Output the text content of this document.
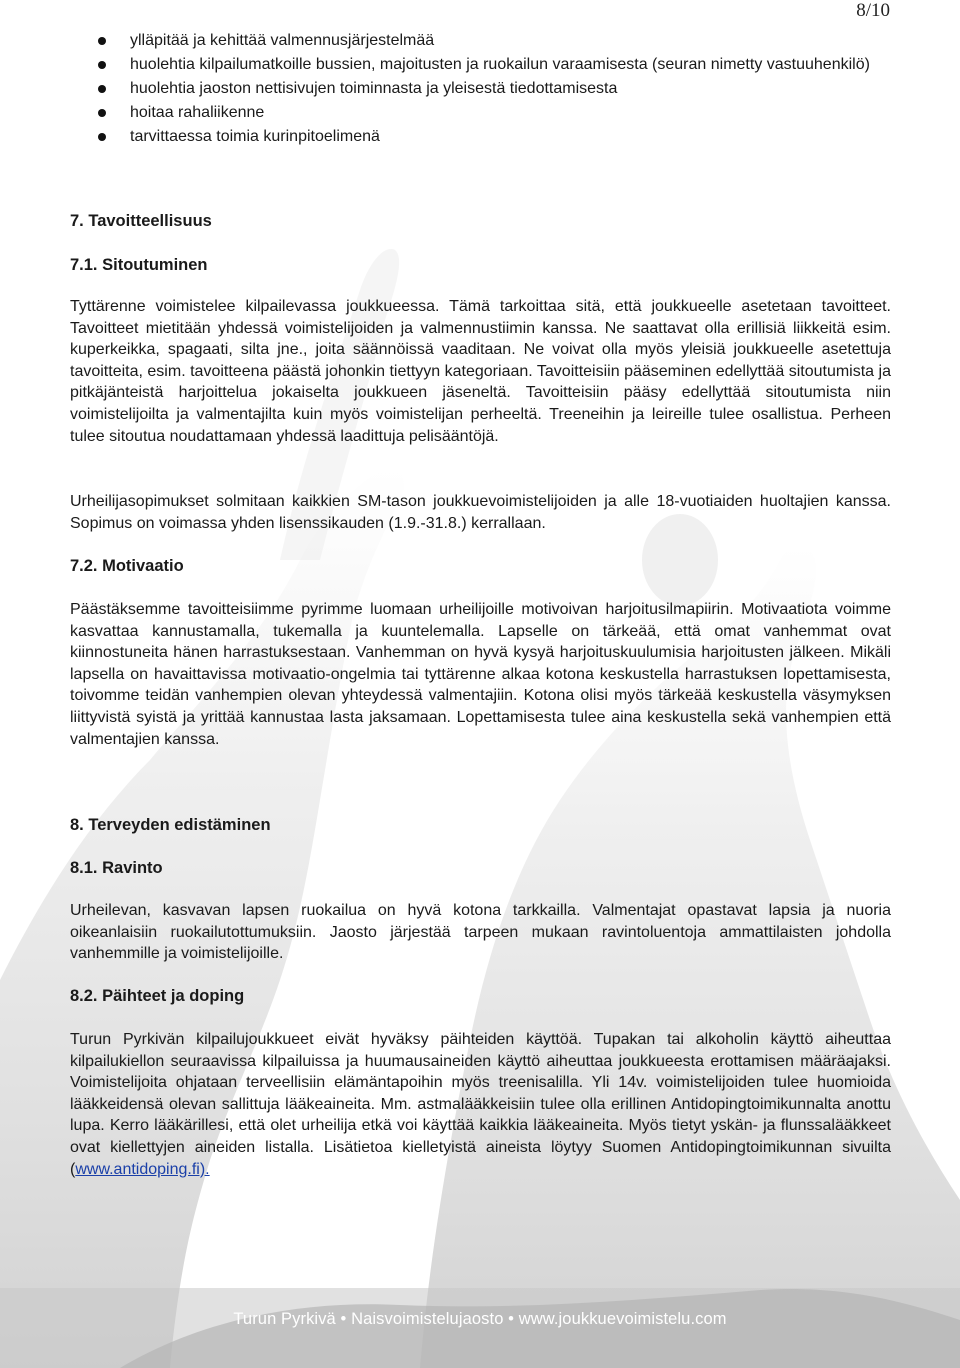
8/10
ylläpitää ja kehittää valmennusjärjestelmää
huolehtia kilpailumatkoille bussien, majoitusten ja ruokailun varaamisesta (seuran nimetty vastuuhenkilö)
huolehtia jaoston nettisivujen toiminnasta ja yleisestä tiedottamisesta
hoitaa rahaliikenne
tarvittaessa toimia kurinpitoelimenä
7. Tavoitteellisuus
7.1. Sitoutuminen

Tyttärenne voimistelee kilpailevassa joukkueessa. Tämä tarkoittaa sitä, että joukkueelle asetetaan tavoitteet. Tavoitteet mietitään yhdessä voimistelijoiden ja valmennustiimin kanssa. Ne saattavat olla erillisiä liikkeitä esim. kuperkeikka, spagaati, silta jne., joita säännöissä vaaditaan. Ne voivat olla myös yleisiä joukkueelle asetettuja tavoitteita, esim. tavoitteena päästä johonkin tiettyyn kategoriaan. Tavoitteisiin pääseminen edellyttää sitoutumista ja pitkäjänteistä harjoittelua jokaiselta joukkueen jäseneltä. Tavoitteisiin pääsy edellyttää sitoutumista niin voimistelijoilta ja valmentajilta kuin myös voimistelijan perheeltä. Treeneihin ja leireille tulee osallistua. Perheen tulee sitoutua noudattamaan yhdessä laadittuja pelisääntöjä.

Urheilijasopimukset solmitaan kaikkien SM-tason joukkuevoimistelijoiden ja alle 18-vuotiaiden huoltajien kanssa. Sopimus on voimassa yhden lisenssikauden (1.9.-31.8.) kerrallaan.

7.2. Motivaatio

Päästäksemme tavoitteisiimme pyrimme luomaan urheilijoille motivoivan harjoitusilmapiirin. Motivaatiota voimme kasvattaa kannustamalla, tukemalla ja kuuntelemalla. Lapselle on tärkeää, että omat vanhemmat ovat kiinnostuneita hänen harrastuksestaan. Vanhemman on hyvä kysyä harjoituskuulumisia harjoitusten jälkeen. Mikäli lapsella on havaittavissa motivaatio-ongelmia tai tyttärenne alkaa kotona keskustella harrastuksen lopettamisesta, toivomme teidän vanhempien olevan yhteydessä valmentajiin. Kotona olisi myös tärkeää keskustella väsymyksen liittyvistä syistä ja yrittää kannustaa lasta jaksamaan. Lopettamisesta tulee aina keskustella sekä vanhempien että valmentajien kanssa.

8. Terveyden edistäminen
8.1. Ravinto

Urheilevan, kasvavan lapsen ruokailua on hyvä kotona tarkkailla. Valmentajat opastavat lapsia ja nuoria oikeanlaisiin ruokailutottumuksiin. Jaosto järjestää tarpeen mukaan ravintoluentoja ammattilaisten johdolla vanhemmille ja voimistelijoille.

8.2. Päihteet ja doping

Turun Pyrkivän kilpailujoukkueet eivät hyväksy päihteiden käyttöä. Tupakan tai alkoholin käyttö aiheuttaa kilpailukiellon seuraavissa kilpailuissa ja huumausaineiden käyttö aiheuttaa joukkueesta erottamisen määräajaksi. Voimistelijoita ohjataan terveellisiin elämäntapoihin myös treenisalilla. Yli 14v. voimistelijoiden tulee huomioida lääkkeidensä olevan sallittuja lääkeaineita. Mm. astmalääkkeisiin tulee olla erillinen Antidopingtoimikunnalta anottu lupa. Kerro lääkärillesi, että olet urheilija etkä voi käyttää kaikkia lääkeaineita. Myös tietyt yskän- ja flunssalääkkeet ovat kiellettyjen aineiden listalla. Lisätietoa kielletyistä aineista löytyy Suomen Antidopingtoimikunnan sivuilta (www.antidoping.fi).

Turun Pyrkivä • Naisvoimistelujaosto • www.joukkuevoimistelu.com
